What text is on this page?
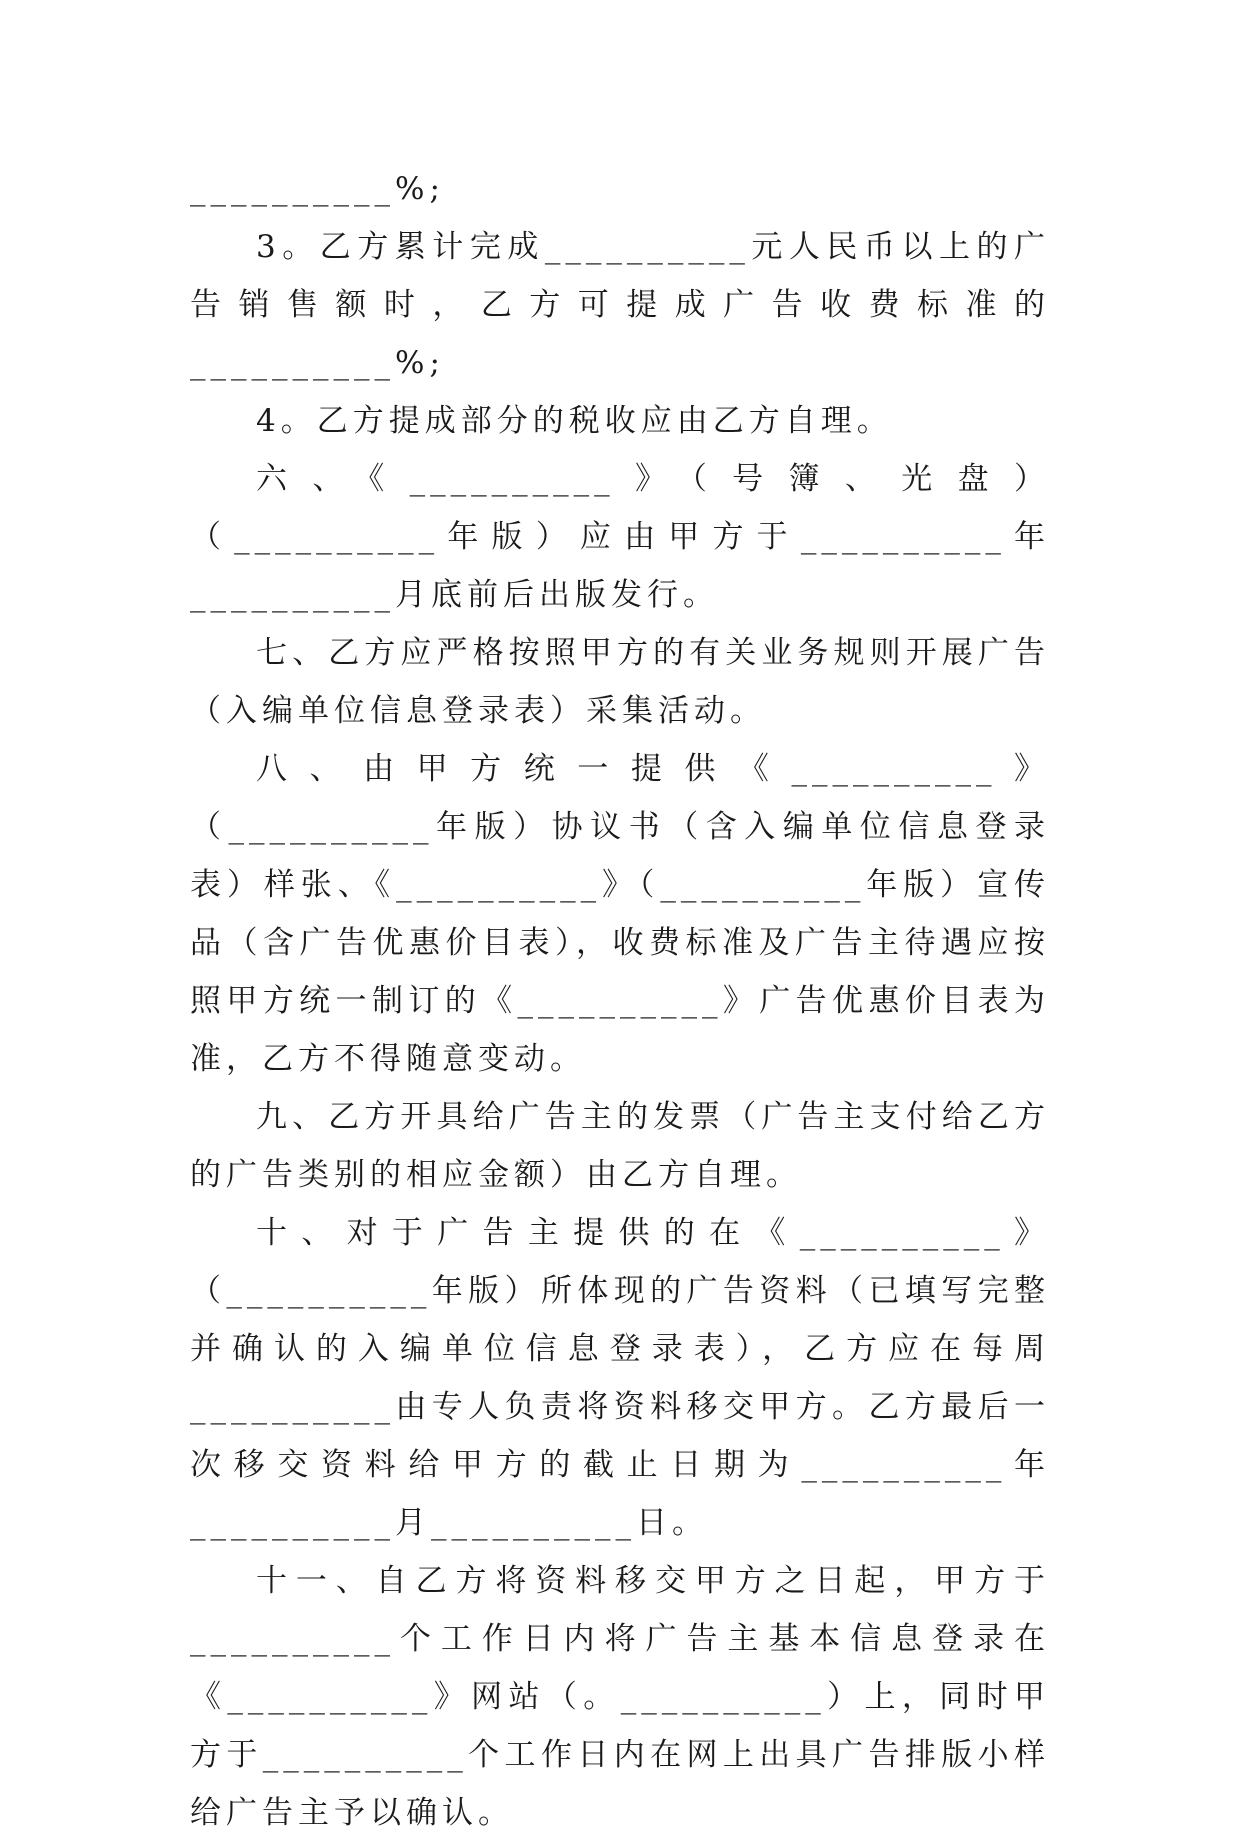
__________%;

3。乙方累计完成__________元人民币以上的广告销售额时，乙方可提成广告收费标准的__________%;

4。乙方提成部分的税收应由乙方自理。

六、《__________》（号簿、光盘）（__________年版）应由甲方于__________年__________月底前后出版发行。

七、乙方应严格按照甲方的有关业务规则开展广告（入编单位信息登录表）采集活动。

八、由甲方统一提供《__________》（__________年版）协议书（含入编单位信息登录表）样张、《__________》（__________年版）宣传品（含广告优惠价目表），收费标准及广告主待遇应按照甲方统一制订的《__________》广告优惠价目表为准，乙方不得随意变动。

九、乙方开具给广告主的发票（广告主支付给乙方的广告类别的相应金额）由乙方自理。

十、对于广告主提供的在《__________》（__________年版）所体现的广告资料（已填写完整并确认的入编单位信息登录表），乙方应在每周__________由专人负责将资料移交甲方。乙方最后一次移交资料给甲方的截止日期为__________年__________月__________日。

十一、自乙方将资料移交甲方之日起，甲方于__________个工作日内将广告主基本信息登录在《__________》网站（。__________）上，同时甲方于__________个工作日内在网上出具广告排版小样给广告主予以确认。
